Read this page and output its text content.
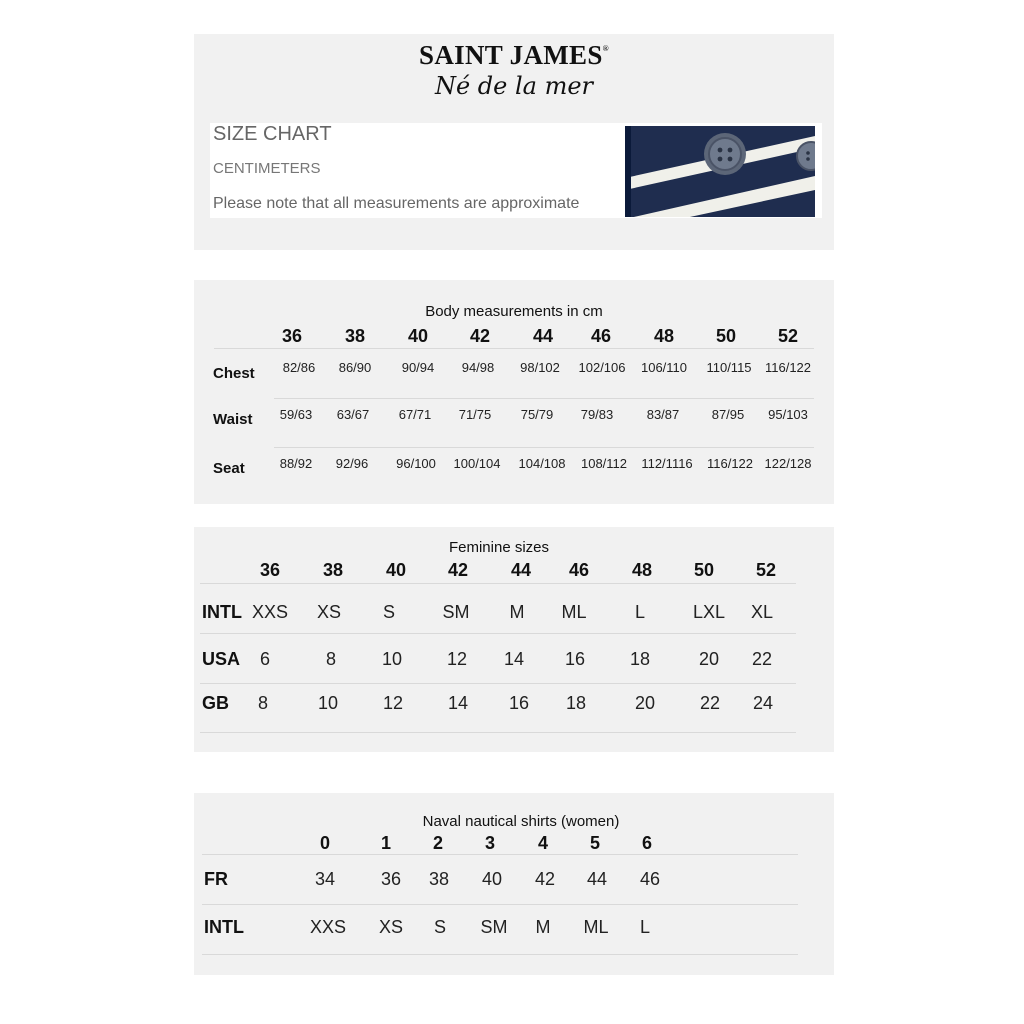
SAINT JAMES®
Né de la mer
SIZE CHART
CENTIMETERS
Please note that all measurements are approximate
Body measurements in cm
36 38 40 42 44 46 48 50 52
Chest 82/86 86/90 90/94 94/98 98/102 102/106 106/110 110/115 116/122
Waist 59/63 63/67 67/71 71/75 75/79 79/83	83/87 87/95 95/103
Seat	88/92 92/96 96/100 100/104 104/108 108/112 112/1116 116/122 122/128
Feminine sizes
36 38 40 42 44 46 48 50 52
INTL XXS XS S	SM M ML	L	LXL XL
USA 6	8	10 12 14 16 18	20 22
GB 8	10 12 14 16 18	20 22 24
Naval nautical shirts (women)
0	1 2 3 4 5 6
FR	34	36 38 40 42 44 46
INTL	XXS XS S SM M ML L
